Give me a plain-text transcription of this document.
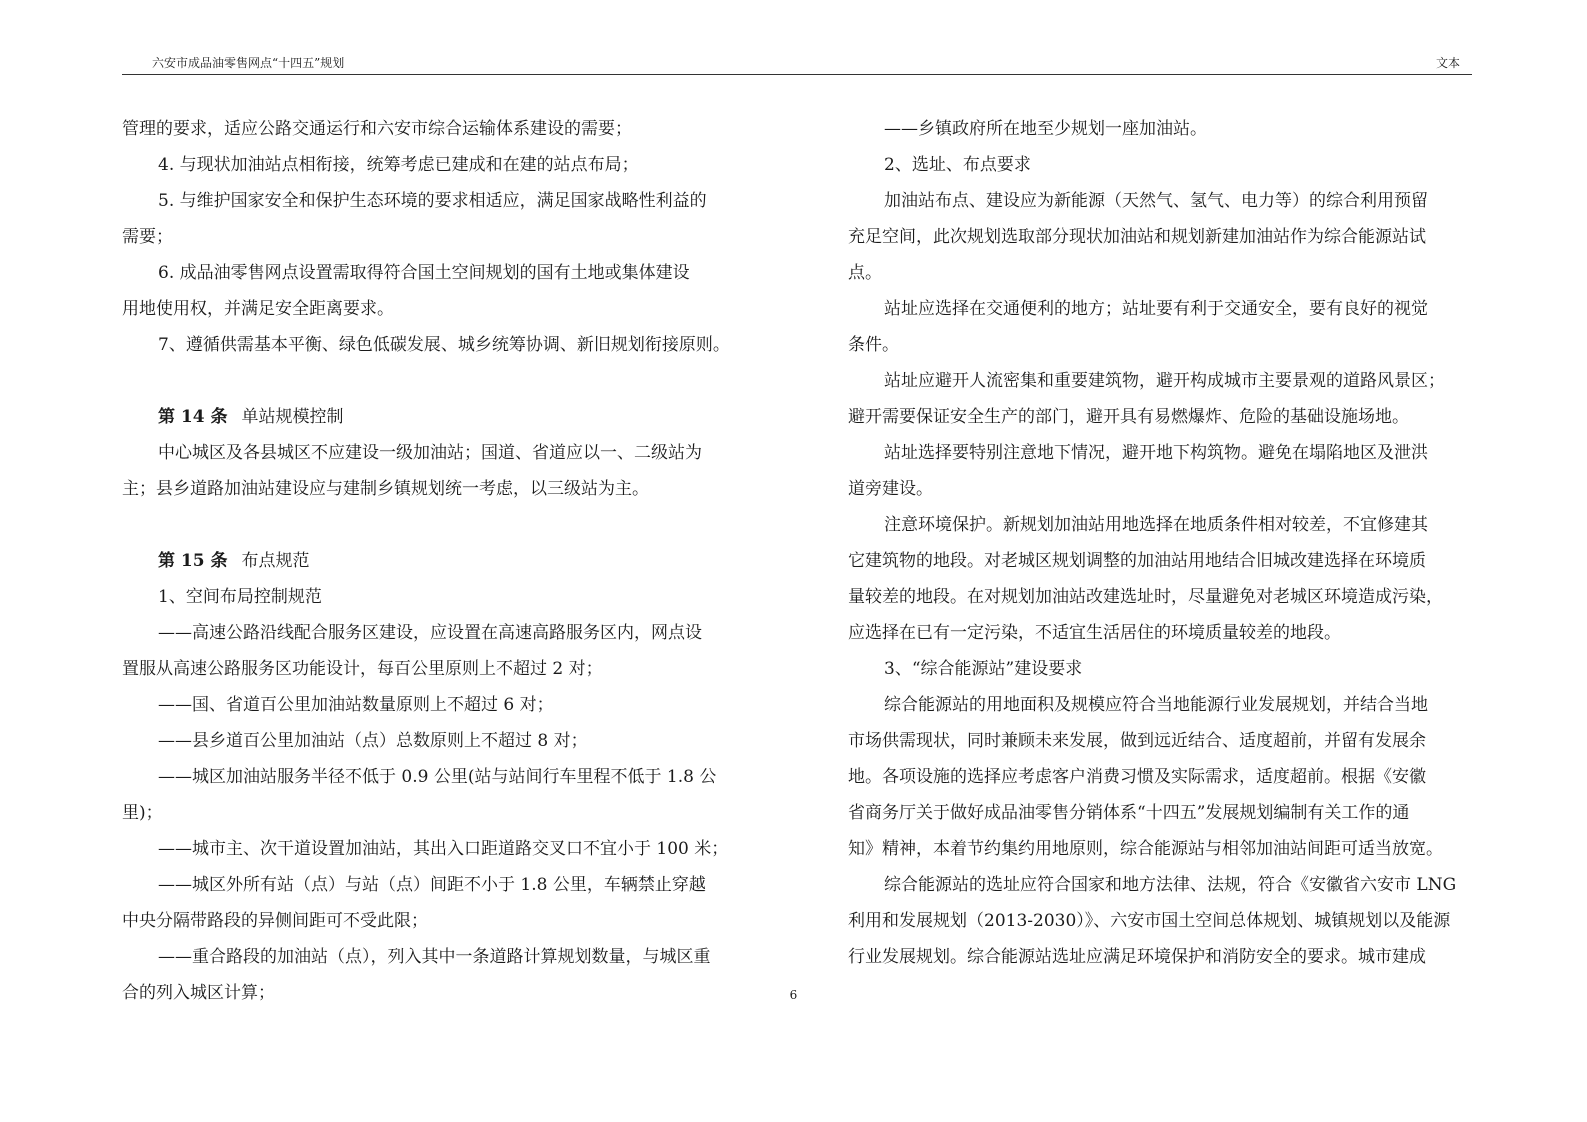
六安市成品油零售网点“十四五”规划	文本
管理的要求，适应公路交通运行和六安市综合运输体系建设的需要；
4. 与现状加油站点相衔接，统筹考虑已建成和在建的站点布局；
5. 与维护国家安全和保护生态环境的要求相适应，满足国家战略性利益的
需要；
6. 成品油零售网点设置需取得符合国土空间规划的国有土地或集体建设
用地使用权，并满足安全距离要求。
7、遵循供需基本平衡、绿色低碳发展、城乡统筹协调、新旧规划衔接原则。
第 14 条 单站规模控制
中心城区及各县城区不应建设一级加油站；国道、省道应以一、二级站为
主；县乡道路加油站建设应与建制乡镇规划统一考虑，以三级站为主。
第 15 条 布点规范
1、空间布局控制规范
——高速公路沿线配合服务区建设，应设置在高速高路服务区内，网点设
置服从高速公路服务区功能设计，每百公里原则上不超过 2 对；
——国、省道百公里加油站数量原则上不超过 6 对；
——县乡道百公里加油站（点）总数原则上不超过 8 对；
——城区加油站服务半径不低于 0.9 公里(站与站间行车里程不低于 1.8 公
里)；
——城市主、次干道设置加油站，其出入口距道路交叉口不宜小于 100 米；
——城区外所有站（点）与站（点）间距不小于 1.8 公里，车辆禁止穿越
中央分隔带路段的异侧间距可不受此限；
——重合路段的加油站（点），列入其中一条道路计算规划数量，与城区重
合的列入城区计算；
——乡镇政府所在地至少规划一座加油站。
2、选址、布点要求
加油站布点、建设应为新能源（天然气、氢气、电力等）的综合利用预留
充足空间，此次规划选取部分现状加油站和规划新建加油站作为综合能源站试
点。
站址应选择在交通便利的地方；站址要有利于交通安全，要有良好的视觉
条件。
站址应避开人流密集和重要建筑物，避开构成城市主要景观的道路风景区；
避开需要保证安全生产的部门，避开具有易燃爆炸、危险的基础设施场地。
站址选择要特别注意地下情况，避开地下构筑物。避免在塌陷地区及泄洪
道旁建设。
注意环境保护。新规划加油站用地选择在地质条件相对较差，不宜修建其
它建筑物的地段。对老城区规划调整的加油站用地结合旧城改建选择在环境质
量较差的地段。在对规划加油站改建选址时，尽量避免对老城区环境造成污染，
应选择在已有一定污染，不适宜生活居住的环境质量较差的地段。
3、“综合能源站”建设要求
综合能源站的用地面积及规模应符合当地能源行业发展规划，并结合当地
市场供需现状，同时兼顾未来发展，做到远近结合、适度超前，并留有发展余
地。各项设施的选择应考虑客户消费习惯及实际需求，适度超前。根据《安徽
省商务厅关于做好成品油零售分销体系“十四五”发展规划编制有关工作的通
知》精神，本着节约集约用地原则，综合能源站与相邻加油站间距可适当放宽。
综合能源站的选址应符合国家和地方法律、法规，符合《安徽省六安市 LNG
利用和发展规划（2013-2030）》、六安市国土空间总体规划、城镇规划以及能源
行业发展规划。综合能源站选址应满足环境保护和消防安全的要求。城市建成
6
